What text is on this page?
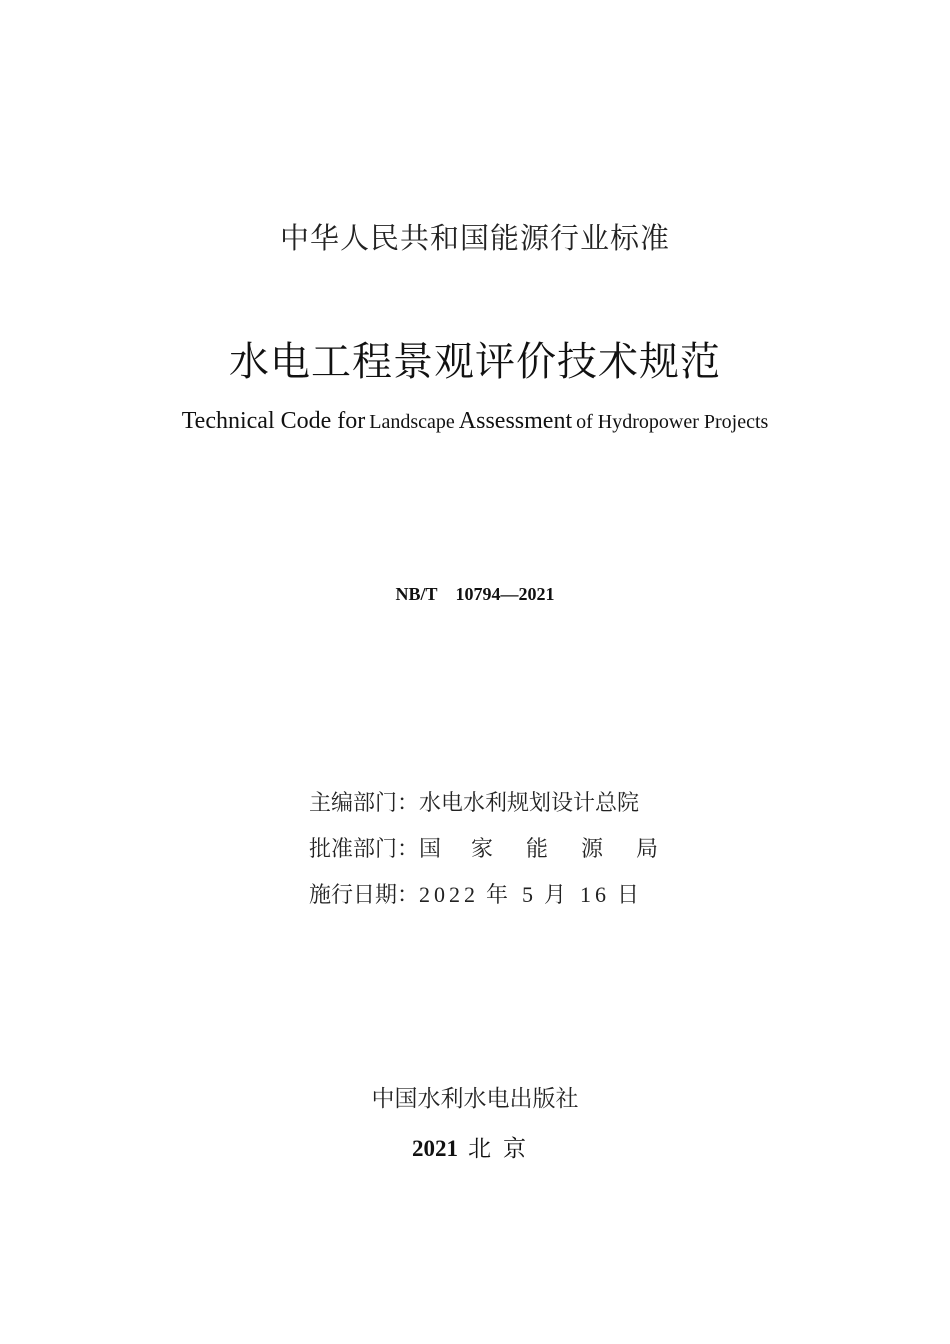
中华人民共和国能源行业标准
水电工程景观评价技术规范
Technical Code for Landscape Assessment of Hydropower Projects
NB/T 10794—2021
主编部门：水电水利规划设计总院
批准部门：国 家 能 源 局
施行日期：2022 年 5 月 16 日
中国水利水电出版社
2021 北京
